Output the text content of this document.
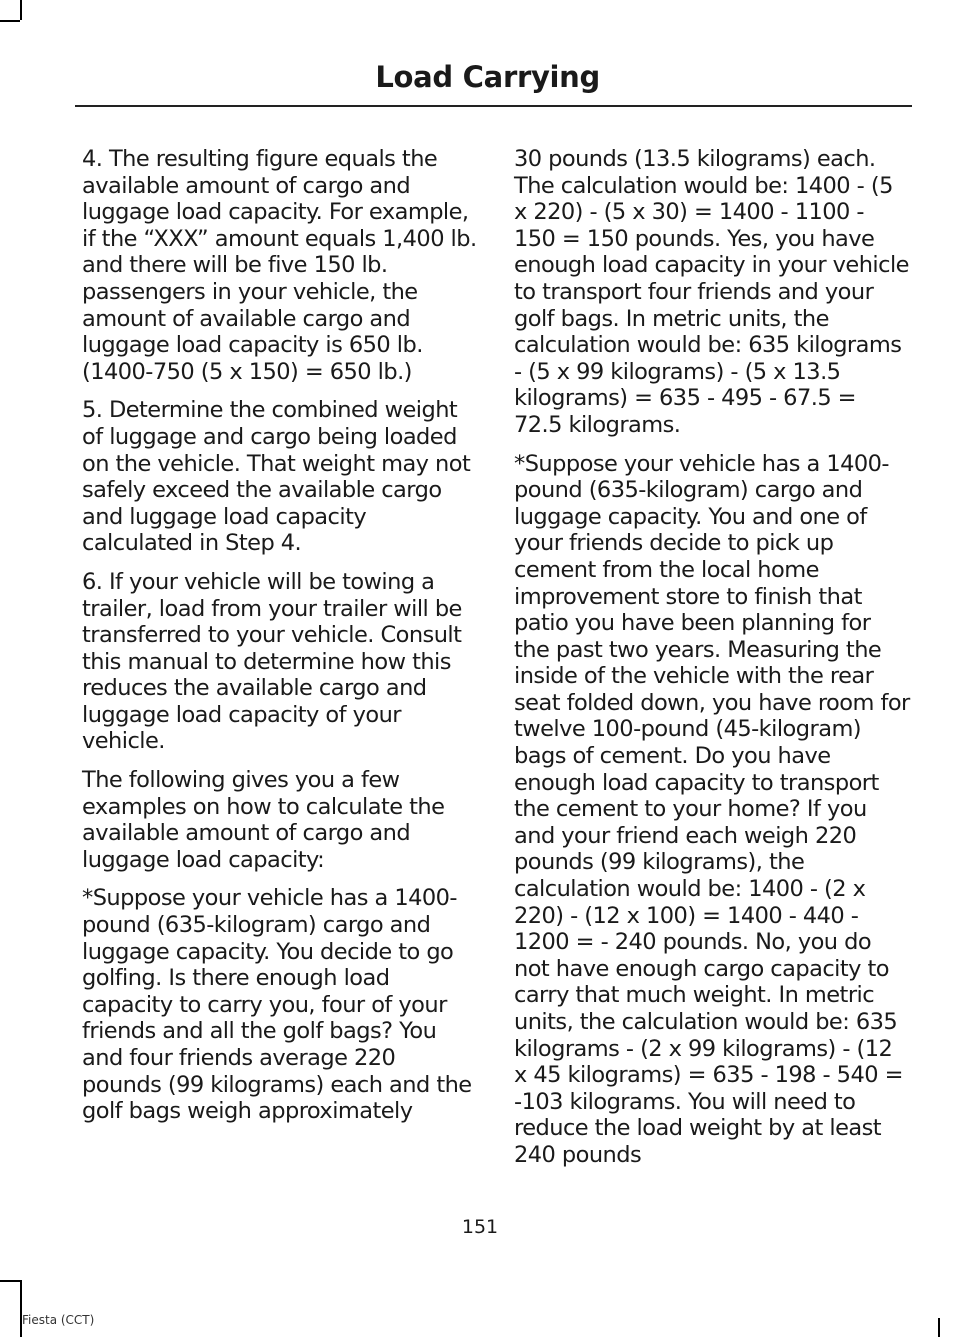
Load Carrying

4. The resulting figure equals the available amount of cargo and luggage load capacity. For example, if the “XXX” amount equals 1,400 lb. and there will be five 150 lb. passengers in your vehicle, the amount of available cargo and luggage load capacity is 650 lb. (1400-750 (5 x 150) = 650 lb.)

5. Determine the combined weight of luggage and cargo being loaded on the vehicle. That weight may not safely exceed the available cargo and luggage load capacity calculated in Step 4.

6. If your vehicle will be towing a trailer, load from your trailer will be transferred to your vehicle. Consult this manual to determine how this reduces the available cargo and luggage load capacity of your vehicle.

The following gives you a few examples on how to calculate the available amount of cargo and luggage load capacity:

*Suppose your vehicle has a 1400-pound (635-kilogram) cargo and luggage capacity. You decide to go golfing. Is there enough load capacity to carry you, four of your friends and all the golf bags? You and four friends average 220 pounds (99 kilograms) each and the golf bags weigh approximately

30 pounds (13.5 kilograms) each. The calculation would be: 1400 - (5 x 220) - (5 x 30) = 1400 - 1100 - 150 = 150 pounds. Yes, you have enough load capacity in your vehicle to transport four friends and your golf bags. In metric units, the calculation would be: 635 kilograms - (5 x 99 kilograms) - (5 x 13.5 kilograms) = 635 - 495 - 67.5 = 72.5 kilograms.

*Suppose your vehicle has a 1400-pound (635-kilogram) cargo and luggage capacity. You and one of your friends decide to pick up cement from the local home improvement store to finish that patio you have been planning for the past two years. Measuring the inside of the vehicle with the rear seat folded down, you have room for twelve 100-pound (45-kilogram) bags of cement. Do you have enough load capacity to transport the cement to your home? If you and your friend each weigh 220 pounds (99 kilograms), the calculation would be: 1400 - (2 x 220) - (12 x 100) = 1400 - 440 - 1200 = - 240 pounds. No, you do not have enough cargo capacity to carry that much weight. In metric units, the calculation would be: 635 kilograms - (2 x 99 kilograms) - (12 x 45 kilograms) = 635 - 198 - 540 = -103 kilograms. You will need to reduce the load weight by at least 240 pounds

151
Fiesta (CCT)
